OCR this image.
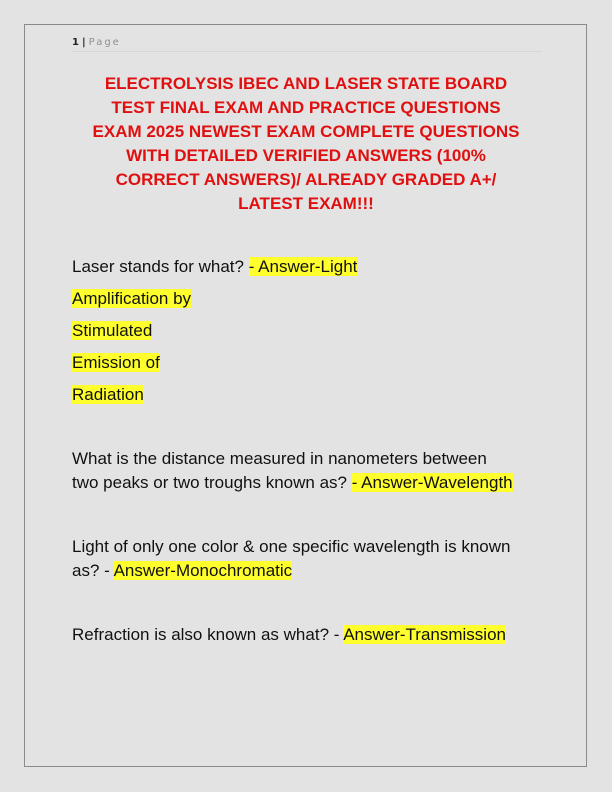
1 | Page
ELECTROLYSIS IBEC AND LASER STATE BOARD
TEST FINAL EXAM AND PRACTICE QUESTIONS
EXAM 2025 NEWEST EXAM COMPLETE QUESTIONS
WITH DETAILED VERIFIED ANSWERS (100%
CORRECT ANSWERS)/ ALREADY GRADED A+/
LATEST EXAM!!!
Laser stands for what? - Answer-Light
Amplification by
Stimulated
Emission of
Radiation
What is the distance measured in nanometers between
two peaks or two troughs known as? - Answer-Wavelength
Light of only one color & one specific wavelength is known
as? - Answer-Monochromatic
Refraction is also known as what? - Answer-Transmission
